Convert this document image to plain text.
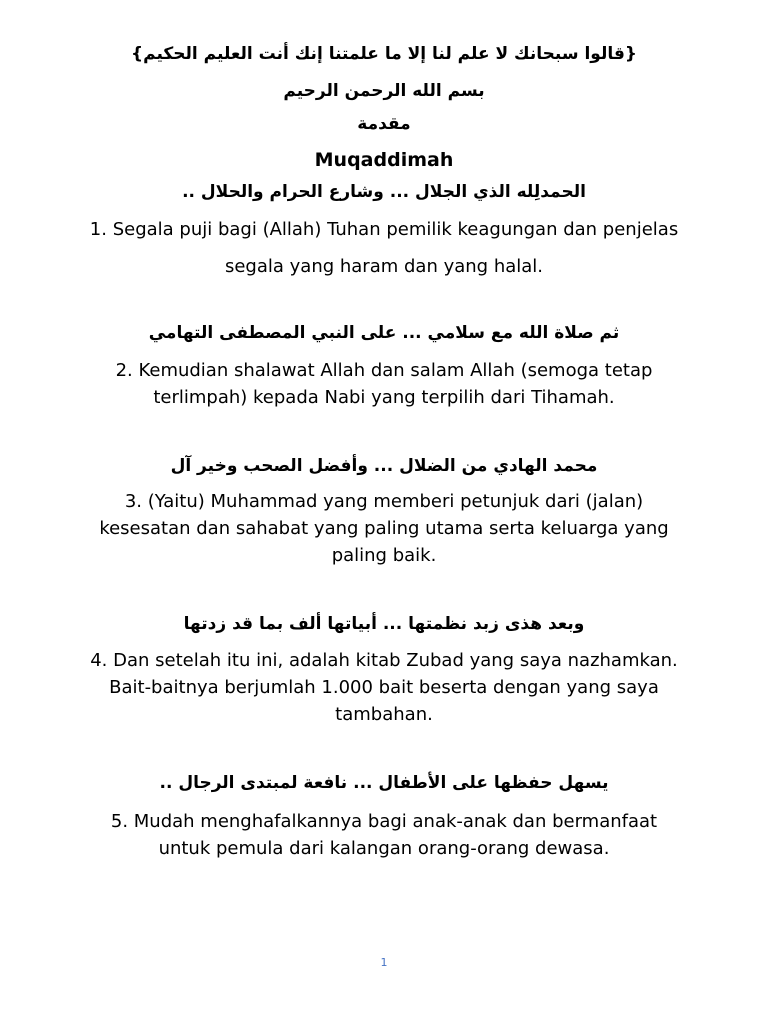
{قالوا سبحانك لا علم لنا إلا ما علمتنا إنك أنت العليم الحكيم}
بسم الله الرحمن الرحيم
مقدمة
Muqaddimah
الحمدلِله الذي الجلال ... وشارع الحرام والحلال ..
1. Segala puji bagi (Allah) Tuhan pemilik keagungan dan penjelas
segala yang haram dan yang halal.
ثم صلاة الله مع سلامي ... على النبي المصطفى التهامي
2. Kemudian shalawat Allah dan salam Allah (semoga tetap
terlimpah) kepada Nabi yang terpilih dari Tihamah.
محمد الهادي من الضلال ... وأفضل الصحب وخير آل
3. (Yaitu) Muhammad yang memberi petunjuk dari (jalan)
kesesatan dan sahabat yang paling utama serta keluarga yang
paling baik.
وبعد هذى زبد نظمتها ... أبياتها ألف بما قد زدتها
4. Dan setelah itu ini, adalah kitab Zubad yang saya nazhamkan.
Bait-baitnya berjumlah 1.000 bait beserta dengan yang saya
tambahan.
يسهل حفظها على الأطفال ... نافعة لمبتدى الرجال ..
5. Mudah menghafalkannya bagi anak-anak dan bermanfaat
untuk pemula dari kalangan orang-orang dewasa.
1
